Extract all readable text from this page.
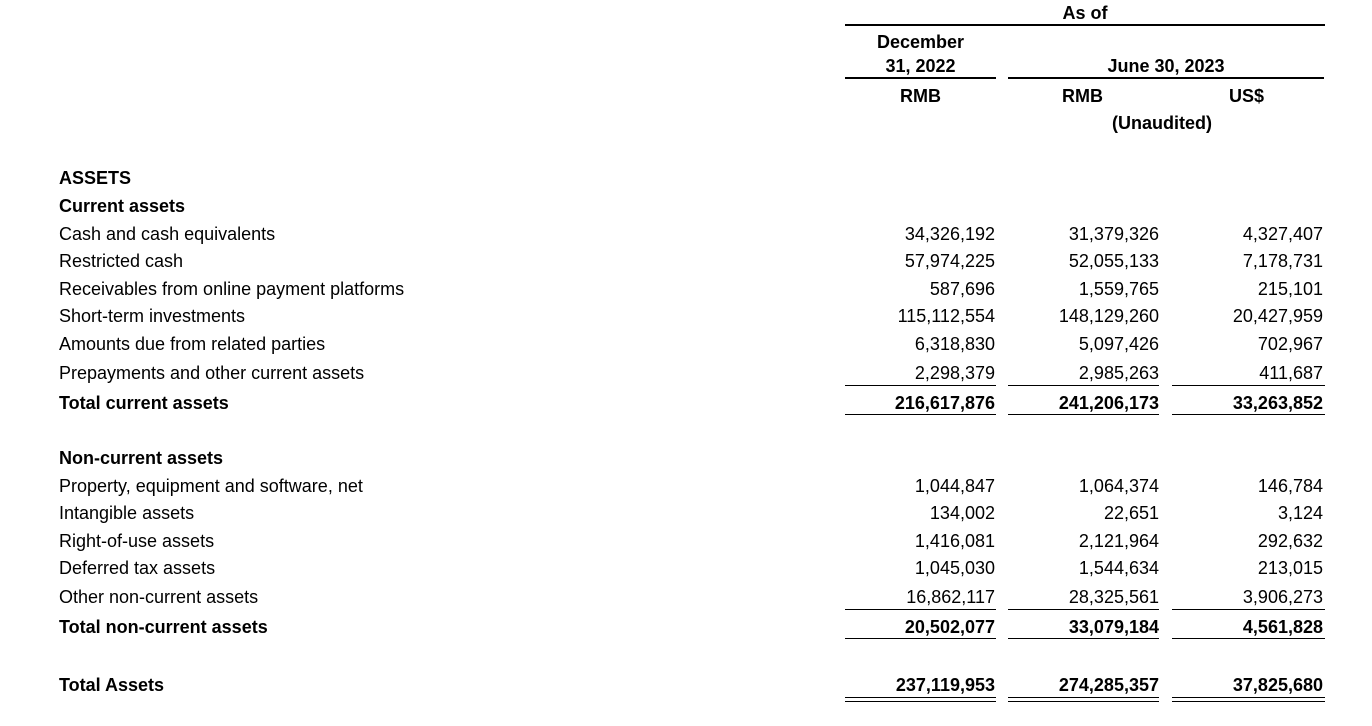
As of
December
31, 2022	June 30, 2023
RMB	RMB	US$
(Unaudited)
ASSETS
Current assets
Cash and cash equivalents	34,326,192	31,379,326	4,327,407
Restricted cash	57,974,225	52,055,133	7,178,731
Receivables from online payment platforms	587,696	1,559,765	215,101
Short-term investments	115,112,554	148,129,260	20,427,959
Amounts due from related parties	6,318,830	5,097,426	702,967
Prepayments and other current assets	2,298,379	2,985,263	411,687
Total current assets	216,617,876	241,206,173	33,263,852
Non-current assets
Property, equipment and software, net	1,044,847	1,064,374	146,784
Intangible assets	134,002	22,651	3,124
Right-of-use assets	1,416,081	2,121,964	292,632
Deferred tax assets	1,045,030	1,544,634	213,015
Other non-current assets	16,862,117	28,325,561	3,906,273
Total non-current assets	20,502,077	33,079,184	4,561,828
Total Assets	237,119,953	274,285,357	37,825,680
